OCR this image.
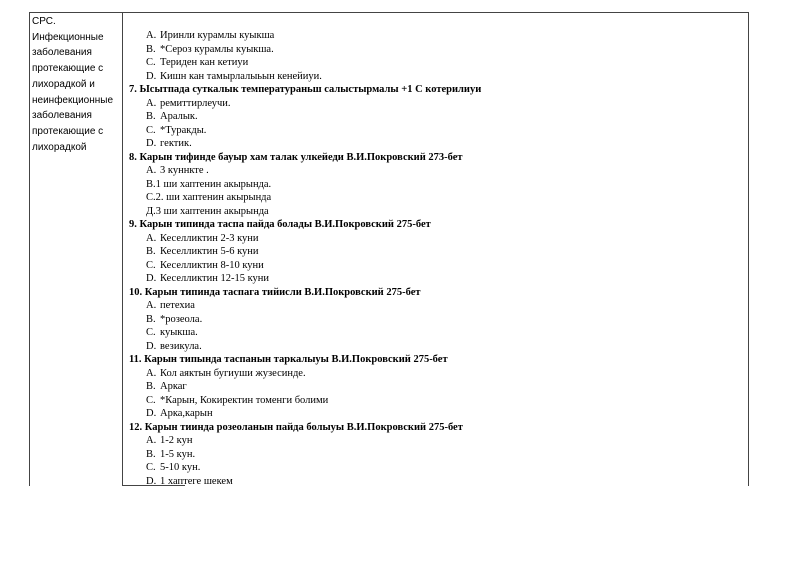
СРС.
Инфекционные
заболевания
протекающие с
лихорадкой и
неинфекционные
заболевания
протекающие с
лихорадкой
A. Иринли курамлы куыкша
B. *Сероз курамлы куыкша.
C. Териден кан кетиуи
D. Кишн кан тамырлалыьын кенейиуи.
7. Ысытпада суткалык температураньш салыстырмалы +1 С котерилиуи
A. ремиттирлеучи.
B. Аралык.
C. *Туракды.
D. гектик.
8. Карын тифинде бауыр хам талак улкейеди В.И.Покровский 273-бет
A. 3 куннкте .
В.1 ши хаптенин акырында.
С.2. ши хаптенин акырында
Д.3 ши хаптенин акырында
9. Карын типинда таспа пайда болады В.И.Покровский 275-бет
A. Кеселликтин 2-3 куни
B. Кеселликтин 5-6 куни
C. Кеселликтин 8-10 куни
D. Кеселликтин 12-15 куни
10. Карын типинда таспага тийисли В.И.Покровский 275-бет
A. петехиа
B. *розеола.
C. куыкша.
D. везикула.
11. Карын типында таспанын таркалыуы В.И.Покровский 275-бет
A. Кол аяктын бугиуши жузесинде.
B. Аркаг
C. *Карын, Кокиректин томенги болими
D. Арка,карын
12. Карын тиинда розеоланын пайда болыуы В.И.Покровский 275-бет
A. 1-2 кун
B. 1-5 кун.
C. 5-10 кун.
D. 1 хаптеге шекем
